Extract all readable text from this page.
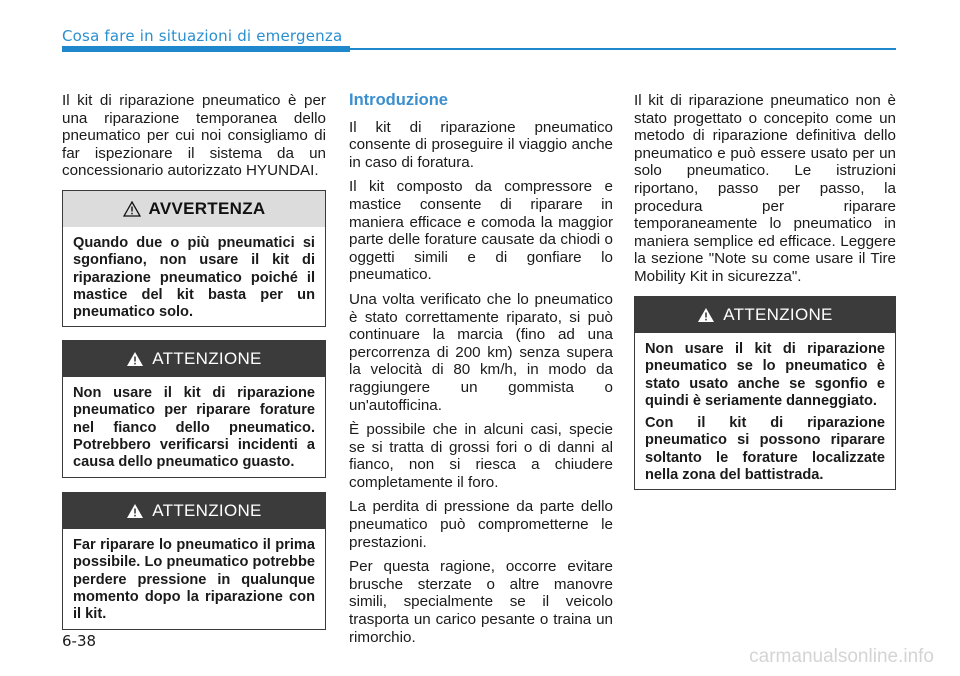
Cosa fare in situazioni di emergenza

Il kit di riparazione pneumatico è per una riparazione temporanea dello pneumatico per cui noi consigliamo di far ispezionare il sistema da un concessionario autorizzato HYUNDAI.

AVVERTENZA

Quando due o più pneumatici si sgonfiano, non usare il kit di riparazione pneumatico poiché il mastice del kit basta per un pneumatico solo.

ATTENZIONE

Non usare il kit di riparazione pneumatico per riparare forature nel fianco dello pneumatico. Potrebbero verificarsi incidenti a causa dello pneumatico guasto.

ATTENZIONE

Far riparare lo pneumatico il prima possibile. Lo pneumatico potrebbe perdere pressione in qualunque momento dopo la riparazione con il kit.

Introduzione

Il kit di riparazione pneumatico consente di proseguire il viaggio anche in caso di foratura.

Il kit composto da compressore e mastice consente di riparare in maniera efficace e comoda la maggior parte delle forature causate da chiodi o oggetti simili e di gonfiare lo pneumatico.

Una volta verificato che lo pneumatico è stato correttamente riparato, si può continuare la marcia (fino ad una percorrenza di 200 km) senza supera la velocità di 80 km/h, in modo da raggiungere un gommista o un'autofficina.

È possibile che in alcuni casi, specie se si tratta di grossi fori o di danni al fianco, non si riesca a chiudere completamente il foro.

La perdita di pressione da parte dello pneumatico può comprometterne le prestazioni.

Per questa ragione, occorre evitare brusche sterzate o altre manovre simili, specialmente se il veicolo trasporta un carico pesante o traina un rimorchio.

Il kit di riparazione pneumatico non è stato progettato o concepito come un metodo di riparazione definitiva dello pneumatico e può essere usato per un solo pneumatico. Le istruzioni riportano, passo per passo, la procedura per riparare temporaneamente lo pneumatico in maniera semplice ed efficace. Leggere la sezione "Note su come usare il Tire Mobility Kit in sicurezza".

ATTENZIONE

Non usare il kit di riparazione pneumatico se lo pneumatico è stato usato anche se sgonfio e quindi è seriamente danneggiato.

Con il kit di riparazione pneumatico si possono riparare soltanto le forature localizzate nella zona del battistrada.

6-38
carmanualsonline.info
